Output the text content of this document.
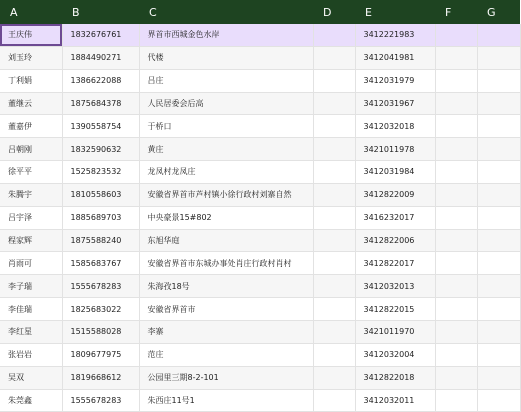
A	B	C	D	E	F	G
王庆伟	1832676761	界首市西城金色水岸		3412221983		
刘玉玲	1884490271	代楼		3412041981		
丁利娟	1386622088	吕庄		3412031979		
董继云	1875684378	人民居委会后高		3412031967		
董嘉伊	1390558754	于桥口		3412032018		
吕朝刚	1832590632	黄庄		3421011978		
徐平平	1525823532	龙凤村龙凤庄		3412031984		
朱腾宇	1810558603	安徽省界首市芦村镇小徐行政村刘寨自然		3412822009		
吕宇泽	1885689703	中央豪景15#802		3416232017		
程家辉	1875588240	东旭华庭		3412822006		
肖雨可	1585683767	安徽省界首市东城办事处肖庄行政村肖村		3412822017		
李子瑞	1555678283	朱海孜18号		3412032013		
李佳瑞	1825683022	安徽省界首市		3412822015		
李红星	1515588028	李寨		3421011970		
张岩岩	1809677975	范庄		3412032004		
吴双	1819668612	公园里三期8-2-101		3412822018		
朱莞鑫	1555678283	朱西庄11号1		3412032011		
